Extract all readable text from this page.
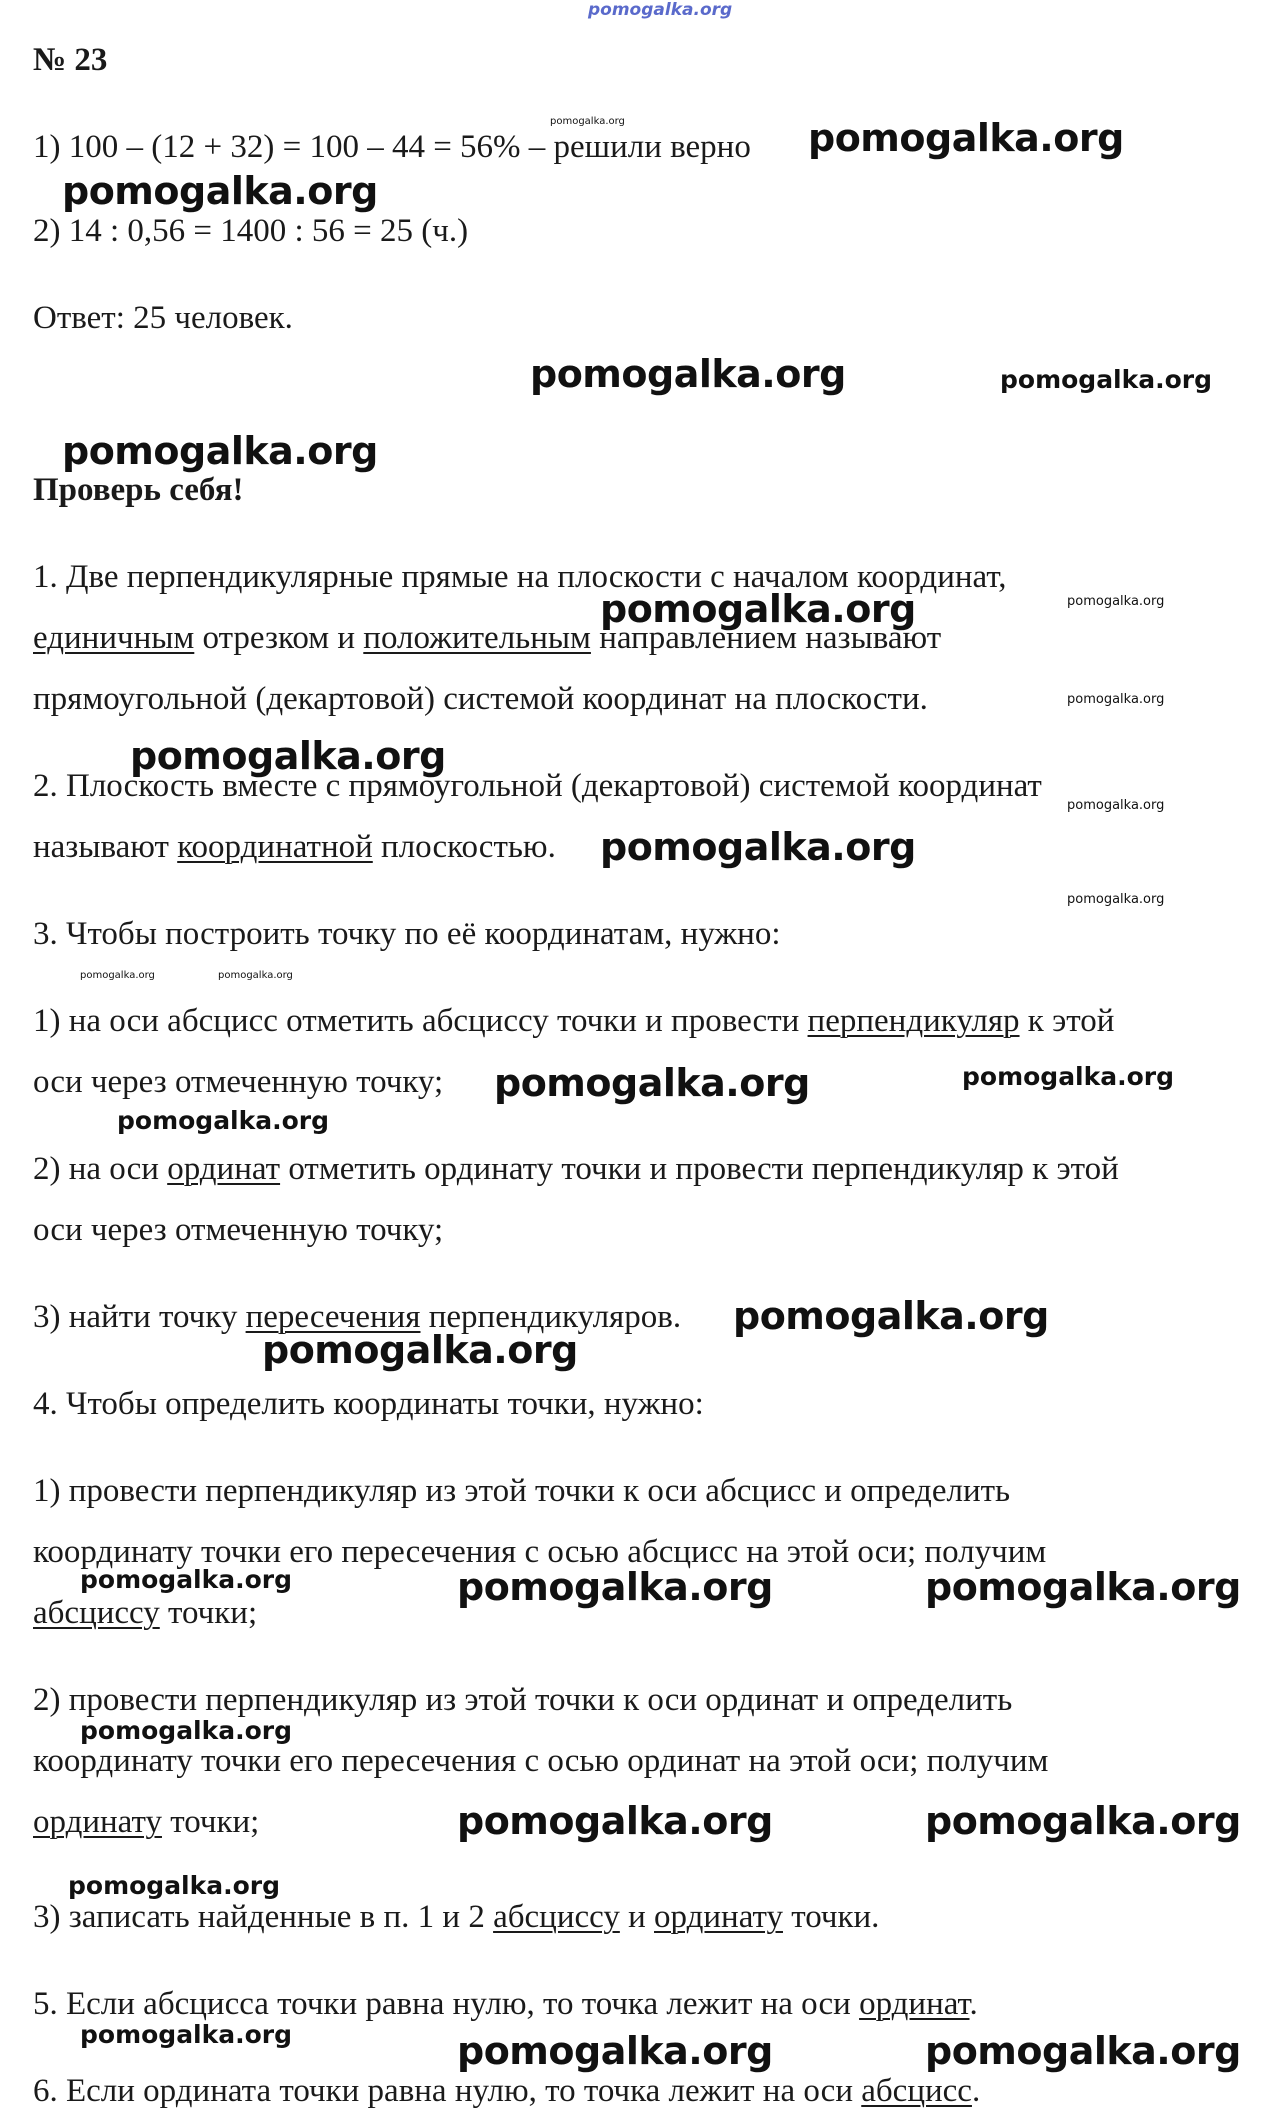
pomogalka.org
pomogalka.org	pomogalka.org
pomogalka.org
pomogalka.org	pomogalka.org
pomogalka.org
pomogalka.org	pomogalka.org
pomogalka.org
pomogalka.org
pomogalka.org
pomogalka.org
pomogalka.org
pomogalka.org	pomogalka.org
pomogalka.org	pomogalka.org
pomogalka.org
pomogalka.org
pomogalka.org
pomogalka.org	pomogalka.org	pomogalka.org
pomogalka.org
pomogalka.org	pomogalka.org
pomogalka.org
pomogalka.org	pomogalka.org	pomogalka.org
№ 23
1) 100 – (12 + 32) = 100 – 44 = 56% – решили верно
2) 14 : 0,56 = 1400 : 56 = 25 (ч.)
Ответ: 25 человек.
Проверь себя!
1. Две перпендикулярные прямые на плоскости с началом координат,
единичным отрезком и положительным направлением называют
прямоугольной (декартовой) системой координат на плоскости.
2. Плоскость вместе с прямоугольной (декартовой) системой координат
называют координатной плоскостью.
3. Чтобы построить точку по её координатам, нужно:
1) на оси абсцисс отметить абсциссу точки и провести перпендикуляр к этой
оси через отмеченную точку;
2) на оси ординат отметить ординату точки и провести перпендикуляр к этой
оси через отмеченную точку;
3) найти точку пересечения перпендикуляров.
4. Чтобы определить координаты точки, нужно:
1) провести перпендикуляр из этой точки к оси абсцисс и определить
координату точки его пересечения с осью абсцисс на этой оси; получим
абсциссу точки;
2) провести перпендикуляр из этой точки к оси ординат и определить
координату точки его пересечения с осью ординат на этой оси; получим
ординату точки;
3) записать найденные в п. 1 и 2 абсциссу и ординату точки.
5. Если абсцисса точки равна нулю, то точка лежит на оси ординат.
6. Если ордината точки равна нулю, то точка лежит на оси абсцисс.
